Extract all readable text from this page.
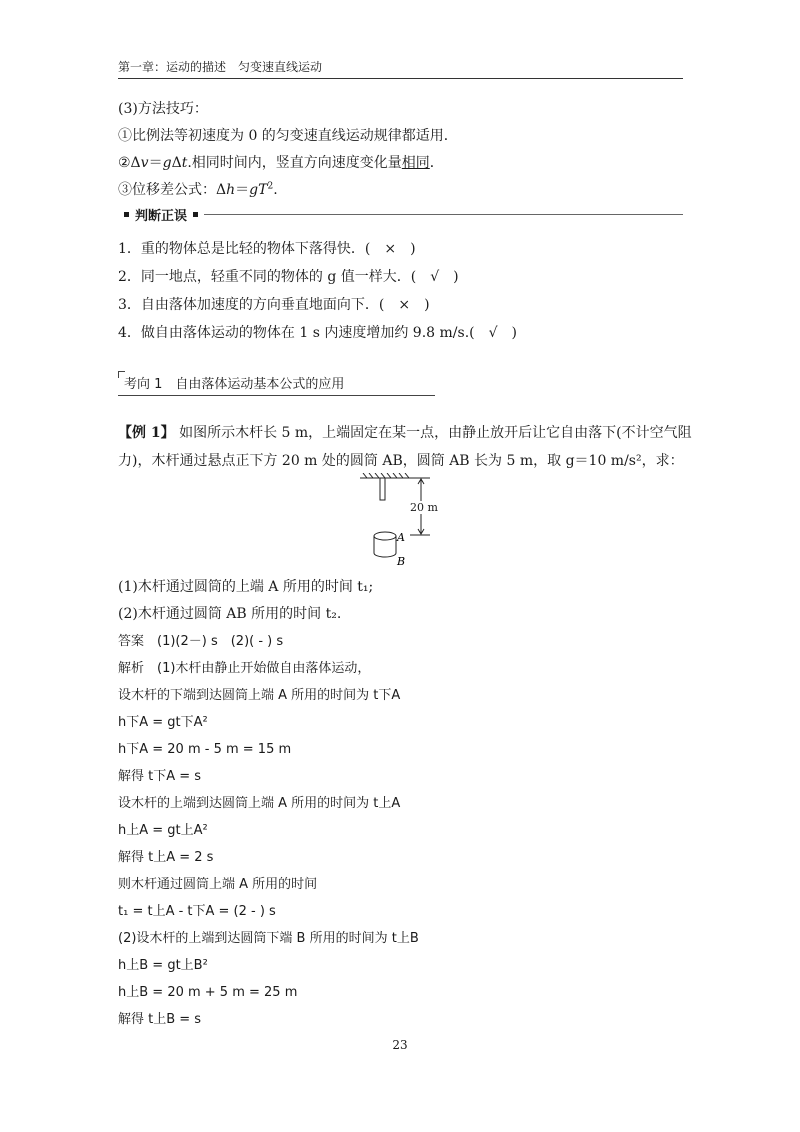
第一章：运动的描述　匀变速直线运动
(3)方法技巧：
①比例法等初速度为 0 的匀变速直线运动规律都适用．
②Δv＝gΔt.相同时间内，竖直方向速度变化量相同．
③位移差公式：$\Delta h=gT^2$.
判断正误
1．重的物体总是比轻的物体下落得快．(　×　)
2．同一地点，轻重不同的物体的 g 值一样大．(　√　)
3．自由落体加速度的方向垂直地面向下．(　×　)
4．做自由落体运动的物体在 1 s 内速度增加约 9.8 m/s.(　√　)
考向 1　自由落体运动基本公式的应用
【例 1】 如图所示木杆长 5 m，上端固定在某一点，由静止放开后让它自由落下(不计空气阻
力)，木杆通过悬点正下方 20 m 处的圆筒 AB，圆筒 AB 长为 5 m，取 g＝10 m/s²，求：
A
B
20 m
(1)木杆通过圆筒的上端 A 所用的时间 t₁;
(2)木杆通过圆筒 AB 所用的时间 t₂.
答案　(1)(2－) s　(2)( - ) s
解析　(1)木杆由静止开始做自由落体运动，
设木杆的下端到达圆筒上端 A 所用的时间为 t下A
h下A = gt下A²
h下A = 20 m - 5 m = 15 m
解得 t下A = s
设木杆的上端到达圆筒上端 A 所用的时间为 t上A
h上A = gt上A²
解得 t上A = 2 s
则木杆通过圆筒上端 A 所用的时间
t₁ = t上A - t下A = (2 - ) s
(2)设木杆的上端到达圆筒下端 B 所用的时间为 t上B
h上B = gt上B²
h上B = 20 m + 5 m = 25 m
解得 t上B = s
23
